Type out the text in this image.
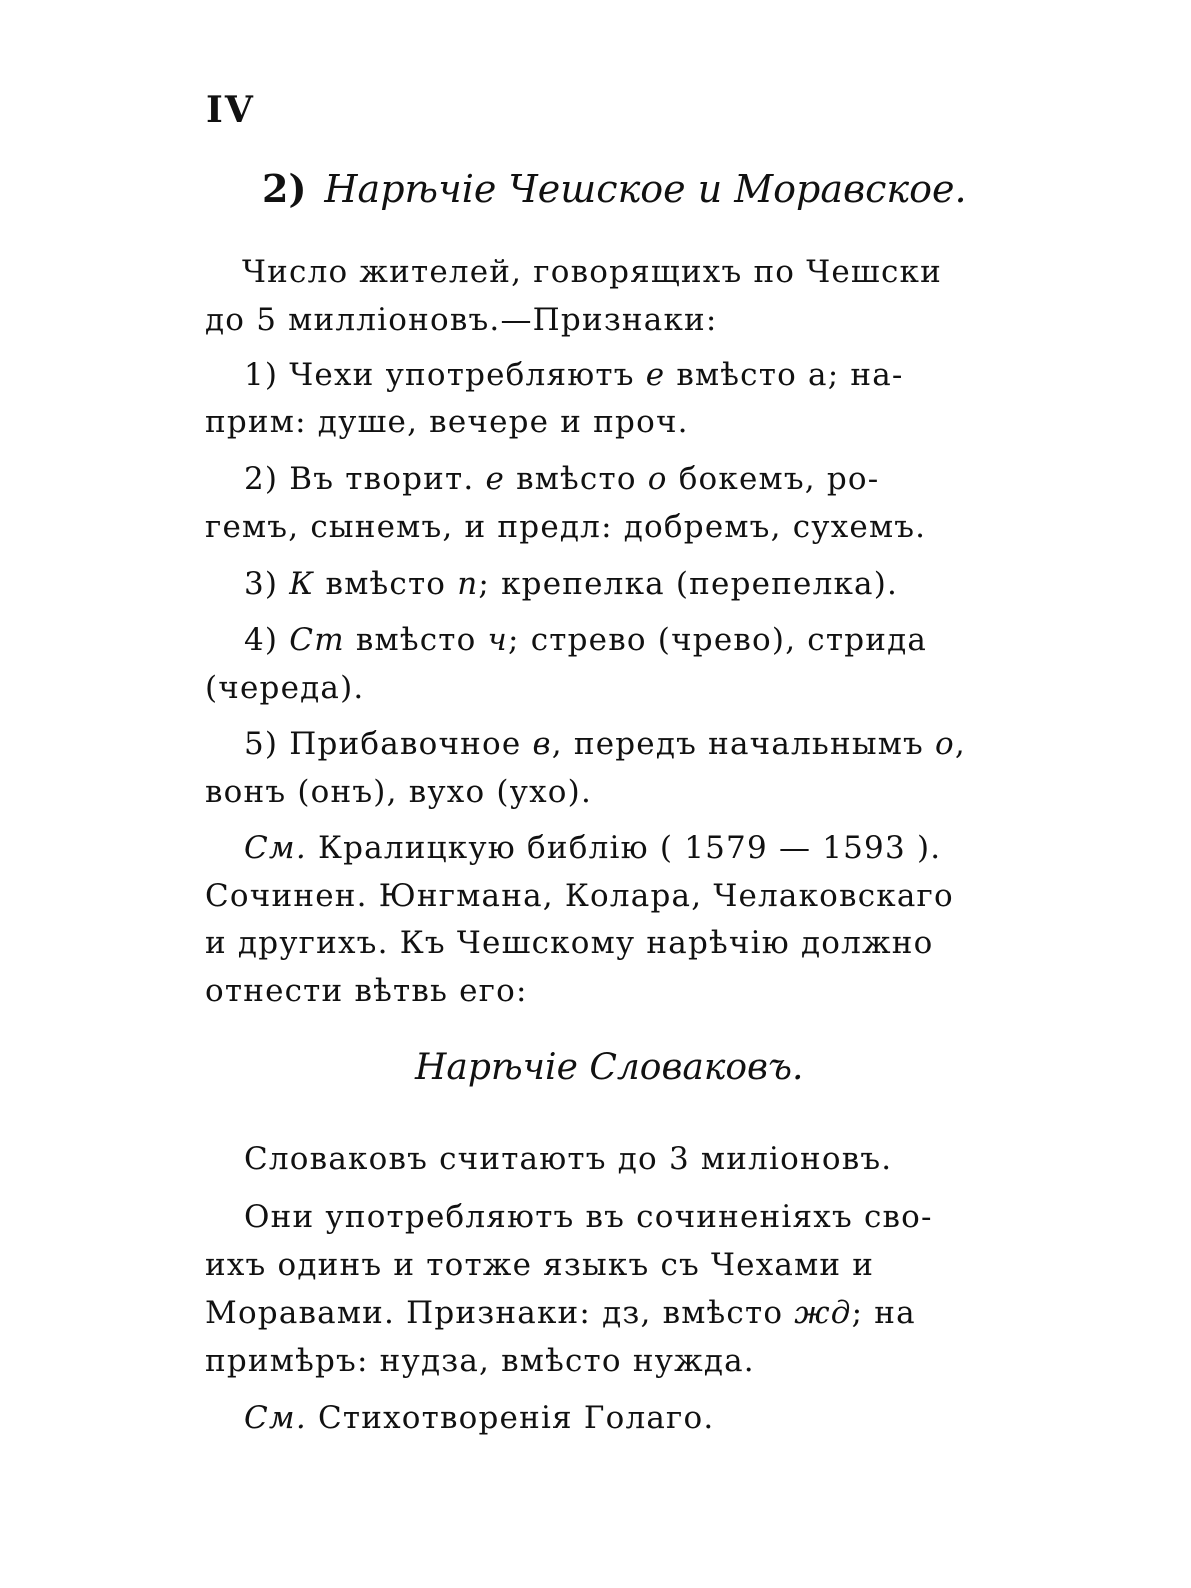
IV
2) Нарѣчіе Чешское и Моравское.
Число жителей, говорящихъ по Чешски
до 5 милліоновъ.—Признаки:
1) Чехи употребляютъ е вмѣсто а; на-
прим: душе, вечере и проч.
2) Въ творит. е вмѣсто о бокемъ, ро-
гемъ, сынемъ, и предл: добремъ, сухемъ.
3) К вмѣсто п; крепелка (перепелка).
4) Ст вмѣсто ч; стрево (чрево), стрида
(череда).
5) Прибавочное в, передъ начальнымъ о,
вонъ (онъ), вухо (ухо).
См. Кралицкую библію ( 1579 — 1593 ).
Сочинен. Юнгмана, Колара, Челаковскаго
и другихъ. Къ Чешскому нарѣчію должно
отнести вѣтвь его:
Нарѣчіе Словаковъ.
Словаковъ считаютъ до 3 миліоновъ.
Они употребляютъ въ сочиненіяхъ сво-
ихъ одинъ и тотже языкъ съ Чехами и
Моравами. Признаки: дз, вмѣсто жд; на
примѣръ: нудза, вмѣсто нужда.
См. Стихотворенія Голаго.
